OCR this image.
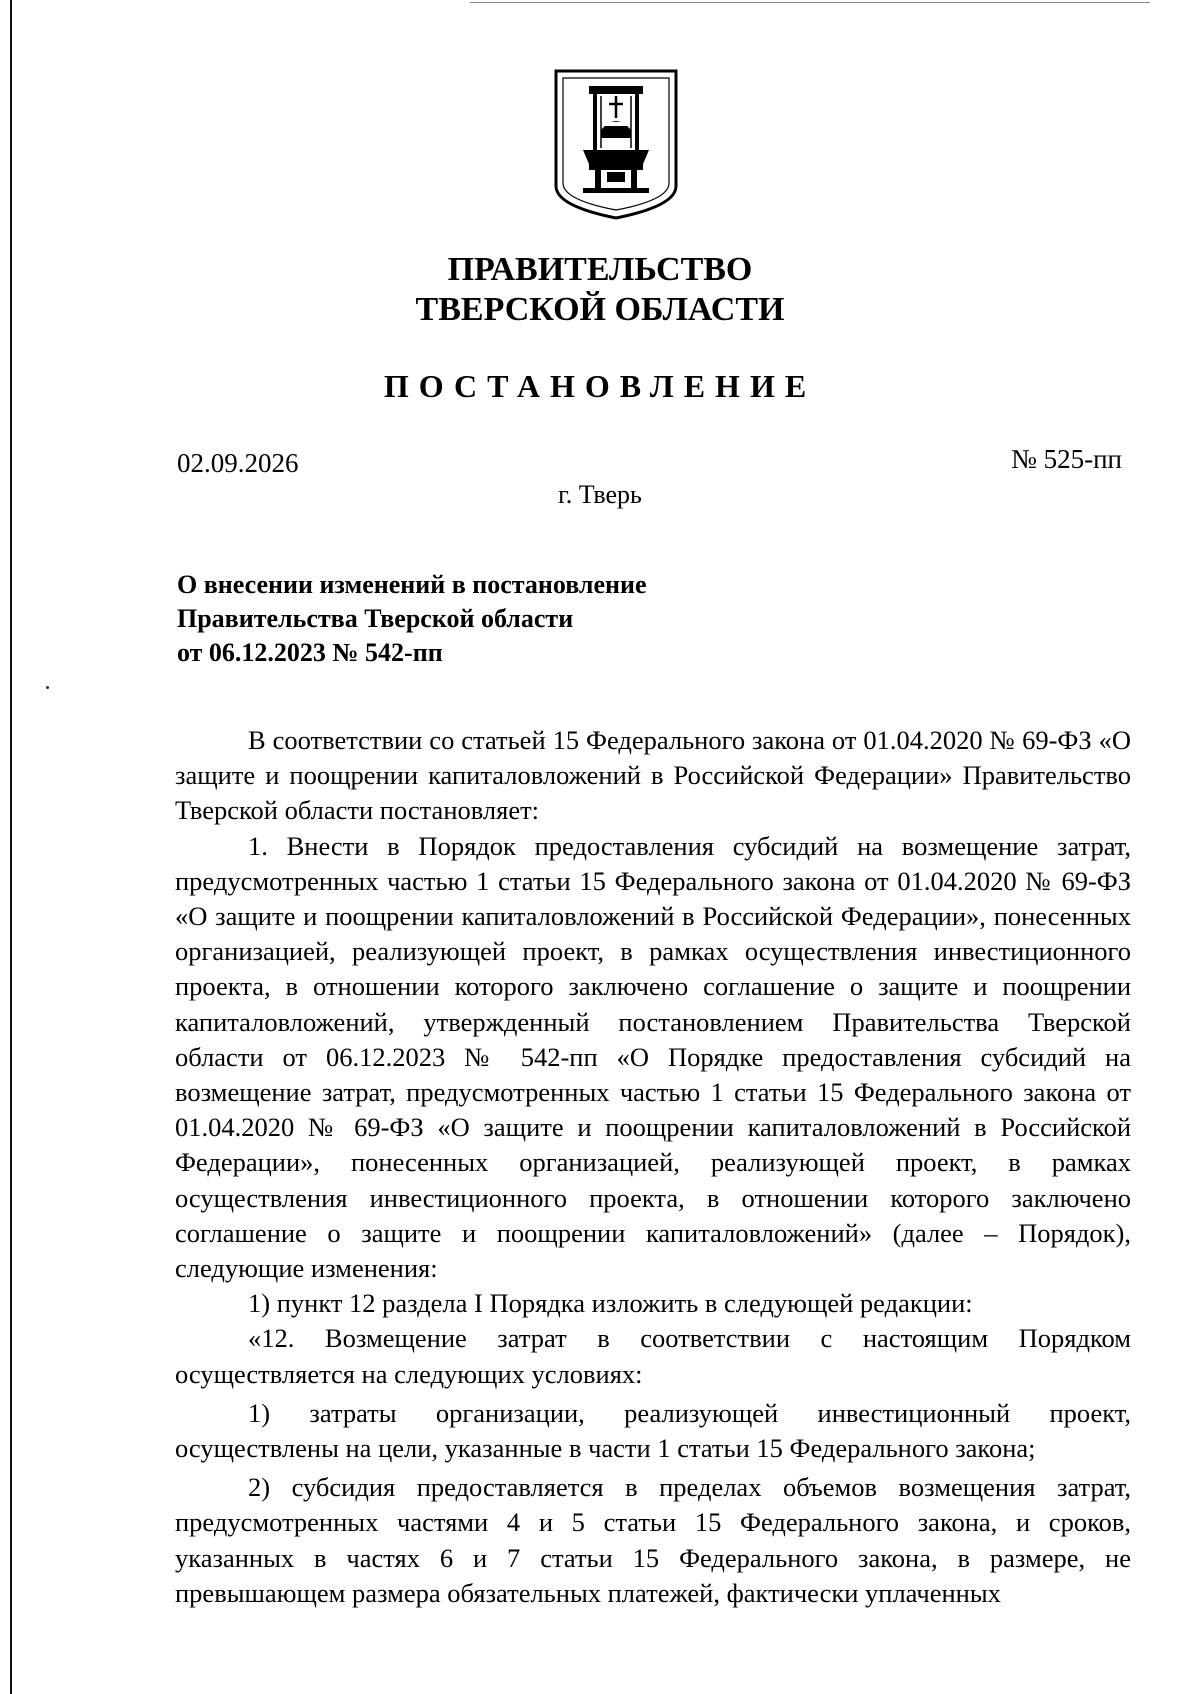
ПРАВИТЕЛЬСТВО
ТВЕРСКОЙ ОБЛАСТИ
ПОСТАНОВЛЕНИЕ
02.09.2026	№ 525-пп
г. Тверь
О внесении изменений в постановление
Правительства Тверской области
от 06.12.2023 № 542-пп

В соответствии со статьей 15 Федерального закона от 01.04.2020 № 69-ФЗ «О защите и поощрении капиталовложений в Российской Федерации» Правительство Тверской области постановляет:

1. Внести в Порядок предоставления субсидий на возмещение затрат, предусмотренных частью 1 статьи 15 Федерального закона от 01.04.2020 № 69-ФЗ «О защите и поощрении капиталовложений в Российской Федерации», понесенных организацией, реализующей проект, в рамках осуществления инвестиционного проекта, в отношении которого заключено соглашение о защите и поощрении капиталовложений, утвержденный постановлением Правительства Тверской области от 06.12.2023 № 542-пп «О Порядке предоставления субсидий на возмещение затрат, предусмотренных частью 1 статьи 15 Федерального закона от 01.04.2020 № 69-ФЗ «О защите и поощрении капиталовложений в Российской Федерации», понесенных организацией, реализующей проект, в рамках осуществления инвестиционного проекта, в отношении которого заключено соглашение о защите и поощрении капиталовложений» (далее – Порядок), следующие изменения:

1) пункт 12 раздела I Порядка изложить в следующей редакции:

«12. Возмещение затрат в соответствии с настоящим Порядком осуществляется на следующих условиях:

1) затраты организации, реализующей инвестиционный проект, осуществлены на цели, указанные в части 1 статьи 15 Федерального закона;

2) субсидия предоставляется в пределах объемов возмещения затрат, предусмотренных частями 4 и 5 статьи 15 Федерального закона, и сроков, указанных в частях 6 и 7 статьи 15 Федерального закона, в размере, не превышающем размера обязательных платежей, фактически уплаченных
